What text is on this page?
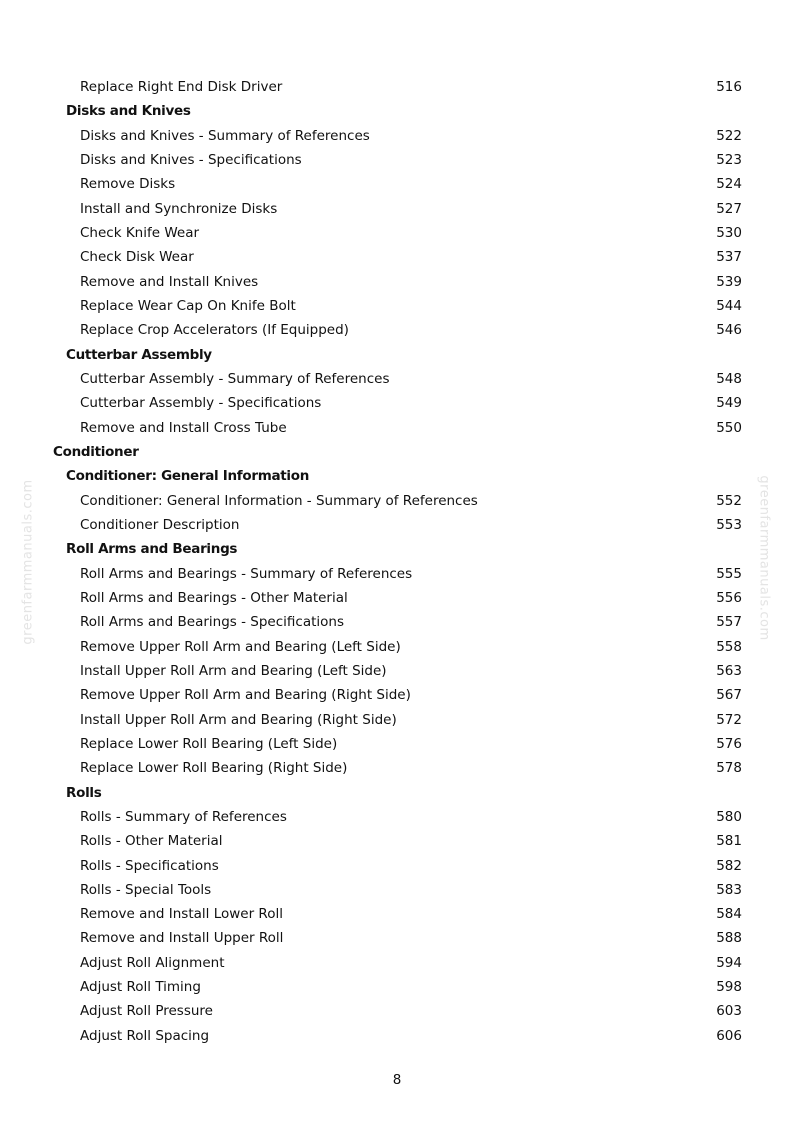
Replace Right End Disk Driver	516
Disks and Knives
Disks and Knives - Summary of References	522
Disks and Knives - Specifications	523
Remove Disks	524
Install and Synchronize Disks	527
Check Knife Wear	530
Check Disk Wear	537
Remove and Install Knives	539
Replace Wear Cap On Knife Bolt	544
Replace Crop Accelerators (If Equipped)	546
Cutterbar Assembly
Cutterbar Assembly - Summary of References	548
Cutterbar Assembly - Specifications	549
Remove and Install Cross Tube	550
Conditioner
Conditioner: General Information
Conditioner: General Information - Summary of References	552
Conditioner Description	553
Roll Arms and Bearings
Roll Arms and Bearings - Summary of References	555
Roll Arms and Bearings - Other Material	556
Roll Arms and Bearings - Specifications	557
Remove Upper Roll Arm and Bearing (Left Side)	558
Install Upper Roll Arm and Bearing (Left Side)	563
Remove Upper Roll Arm and Bearing (Right Side)	567
Install Upper Roll Arm and Bearing (Right Side)	572
Replace Lower Roll Bearing (Left Side)	576
Replace Lower Roll Bearing (Right Side)	578
Rolls
Rolls - Summary of References	580
Rolls - Other Material	581
Rolls - Specifications	582
Rolls - Special Tools	583
Remove and Install Lower Roll	584
Remove and Install Upper Roll	588
Adjust Roll Alignment	594
Adjust Roll Timing	598
Adjust Roll Pressure	603
Adjust Roll Spacing	606
8
greenfarmmanuals.com	greenfarmmanuals.com
